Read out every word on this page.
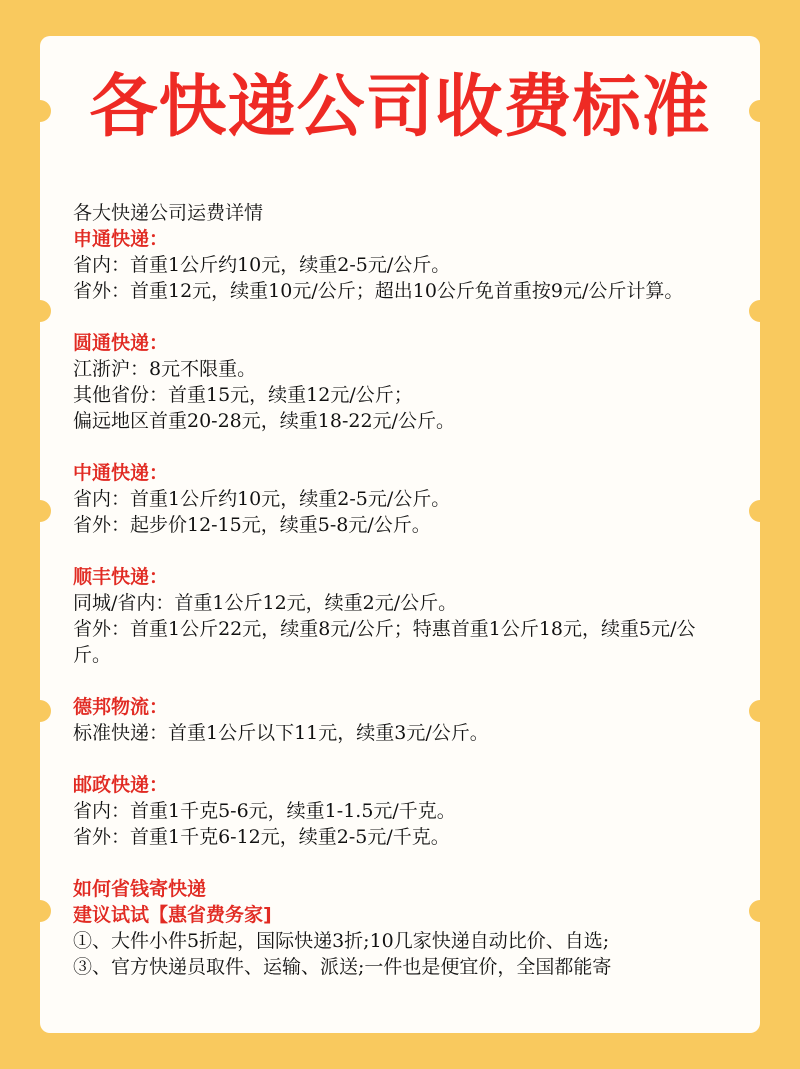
各快递公司收费标准
各大快递公司运费详情
申通快递：
省内：首重1公斤约10元，续重2-5元/公斤。
省外：首重12元，续重10元/公斤；超出10公斤免首重按9元/公斤计算。
圆通快递：
江浙沪：8元不限重。
其他省份：首重15元，续重12元/公斤；
偏远地区首重20-28元，续重18-22元/公斤。
中通快递：
省内：首重1公斤约10元，续重2-5元/公斤。
省外：起步价12-15元，续重5-8元/公斤。
顺丰快递：
同城/省内：首重1公斤12元，续重2元/公斤。
省外：首重1公斤22元，续重8元/公斤；特惠首重1公斤18元，续重5元/公斤。
德邦物流：
标准快递：首重1公斤以下11元，续重3元/公斤。
邮政快递：
省内：首重1千克5-6元，续重1-1.5元/千克。
省外：首重1千克6-12元，续重2-5元/千克。
如何省钱寄快递
建议试试【惠省费务家]
①、大件小件5折起，国际快递3折;10几家快递自动比价、自选;
③、官方快递员取件、运输、派送;一件也是便宜价，全国都能寄
